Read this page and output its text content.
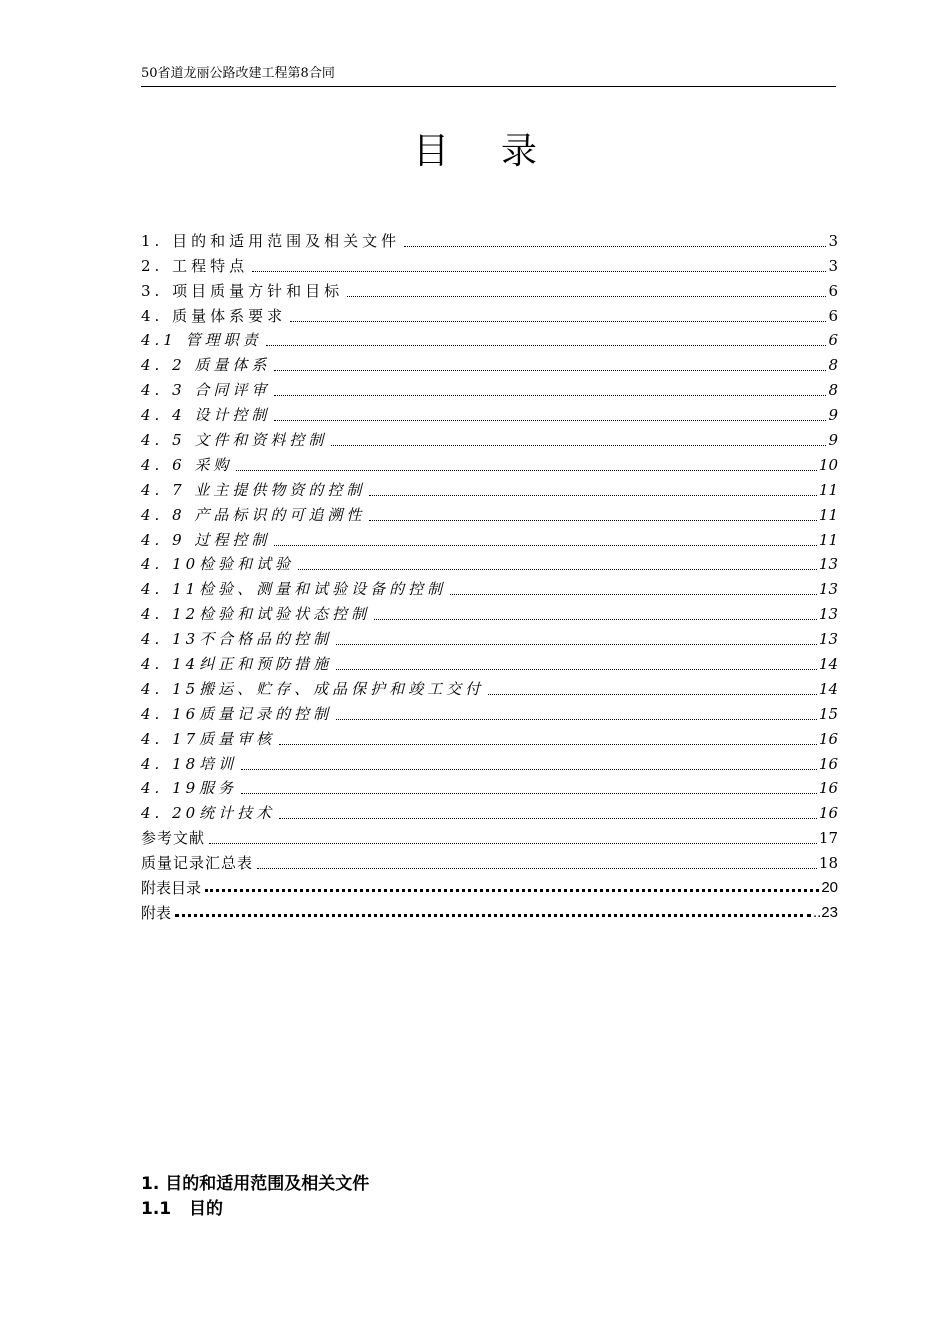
50省道龙丽公路改建工程第8合同
目录
1. 目的和适用范围及相关文件	3
2. 工程特点	3
3. 项目质量方针和目标	6
4. 质量体系要求	6
4.1 管理职责	6
4. 2 质量体系	8
4. 3 合同评审	8
4. 4 设计控制	9
4. 5 文件和资料控制	9
4. 6 采购	10
4. 7 业主提供物资的控制	11
4. 8 产品标识的可追溯性	11
4. 9 过程控制	11
4. 10检验和试验	13
4. 11检验、测量和试验设备的控制	13
4. 12检验和试验状态控制	13
4. 13不合格品的控制	13
4. 14纠正和预防措施	14
4. 15搬运、贮存、成品保护和竣工交付	14
4. 16质量记录的控制	15
4. 17质量审核	16
4. 18培训	16
4. 19服务	16
4. 20统计技术	16
参考文献	17
质量记录汇总表	18
附表目录	20
附表	..23
1. 目的和适用范围及相关文件
1.1 目的
